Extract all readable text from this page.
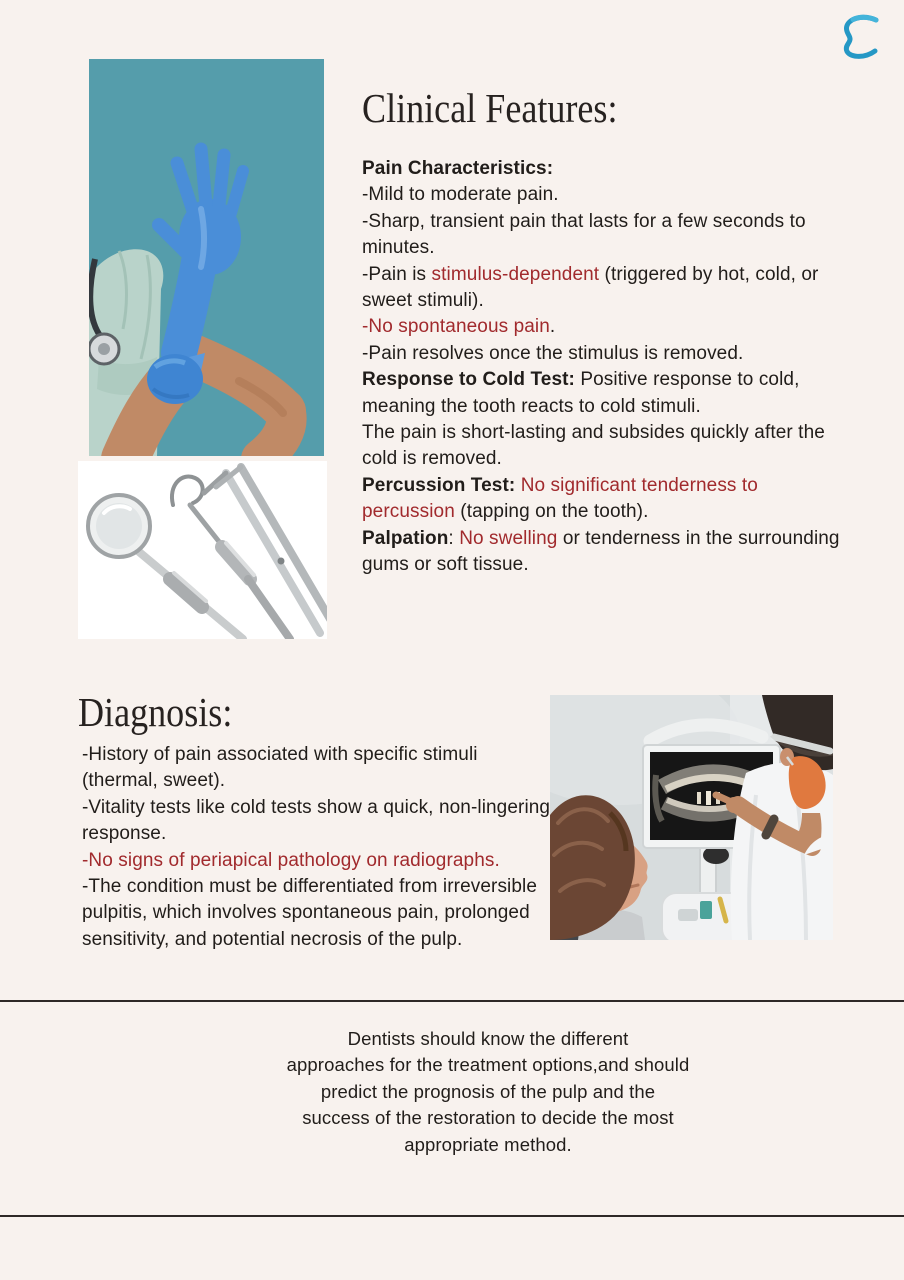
Clinical Features:

Pain Characteristics:

-Mild to moderate pain.

-Sharp, transient pain that lasts for a few seconds to minutes.

-Pain is stimulus-dependent (triggered by hot, cold, or sweet stimuli).

-No spontaneous pain.

-Pain resolves once the stimulus is removed.

Response to Cold Test: Positive response to cold, meaning the tooth reacts to cold stimuli.

The pain is short-lasting and subsides quickly after the cold is removed.

Percussion Test: No significant tenderness to percussion (tapping on the tooth).

Palpation: No swelling or tenderness in the surrounding gums or soft tissue.

Diagnosis:

-History of pain associated with specific stimuli (thermal, sweet).

-Vitality tests like cold tests show a quick, non-lingering response.

-No signs of periapical pathology on radiographs.

-The condition must be differentiated from irreversible pulpitis, which involves spontaneous pain, prolonged sensitivity, and potential necrosis of the pulp.

Dentists should know the different

approaches for the treatment options,and should

predict the prognosis of the pulp and the

success of the restoration to decide the most

appropriate method.
